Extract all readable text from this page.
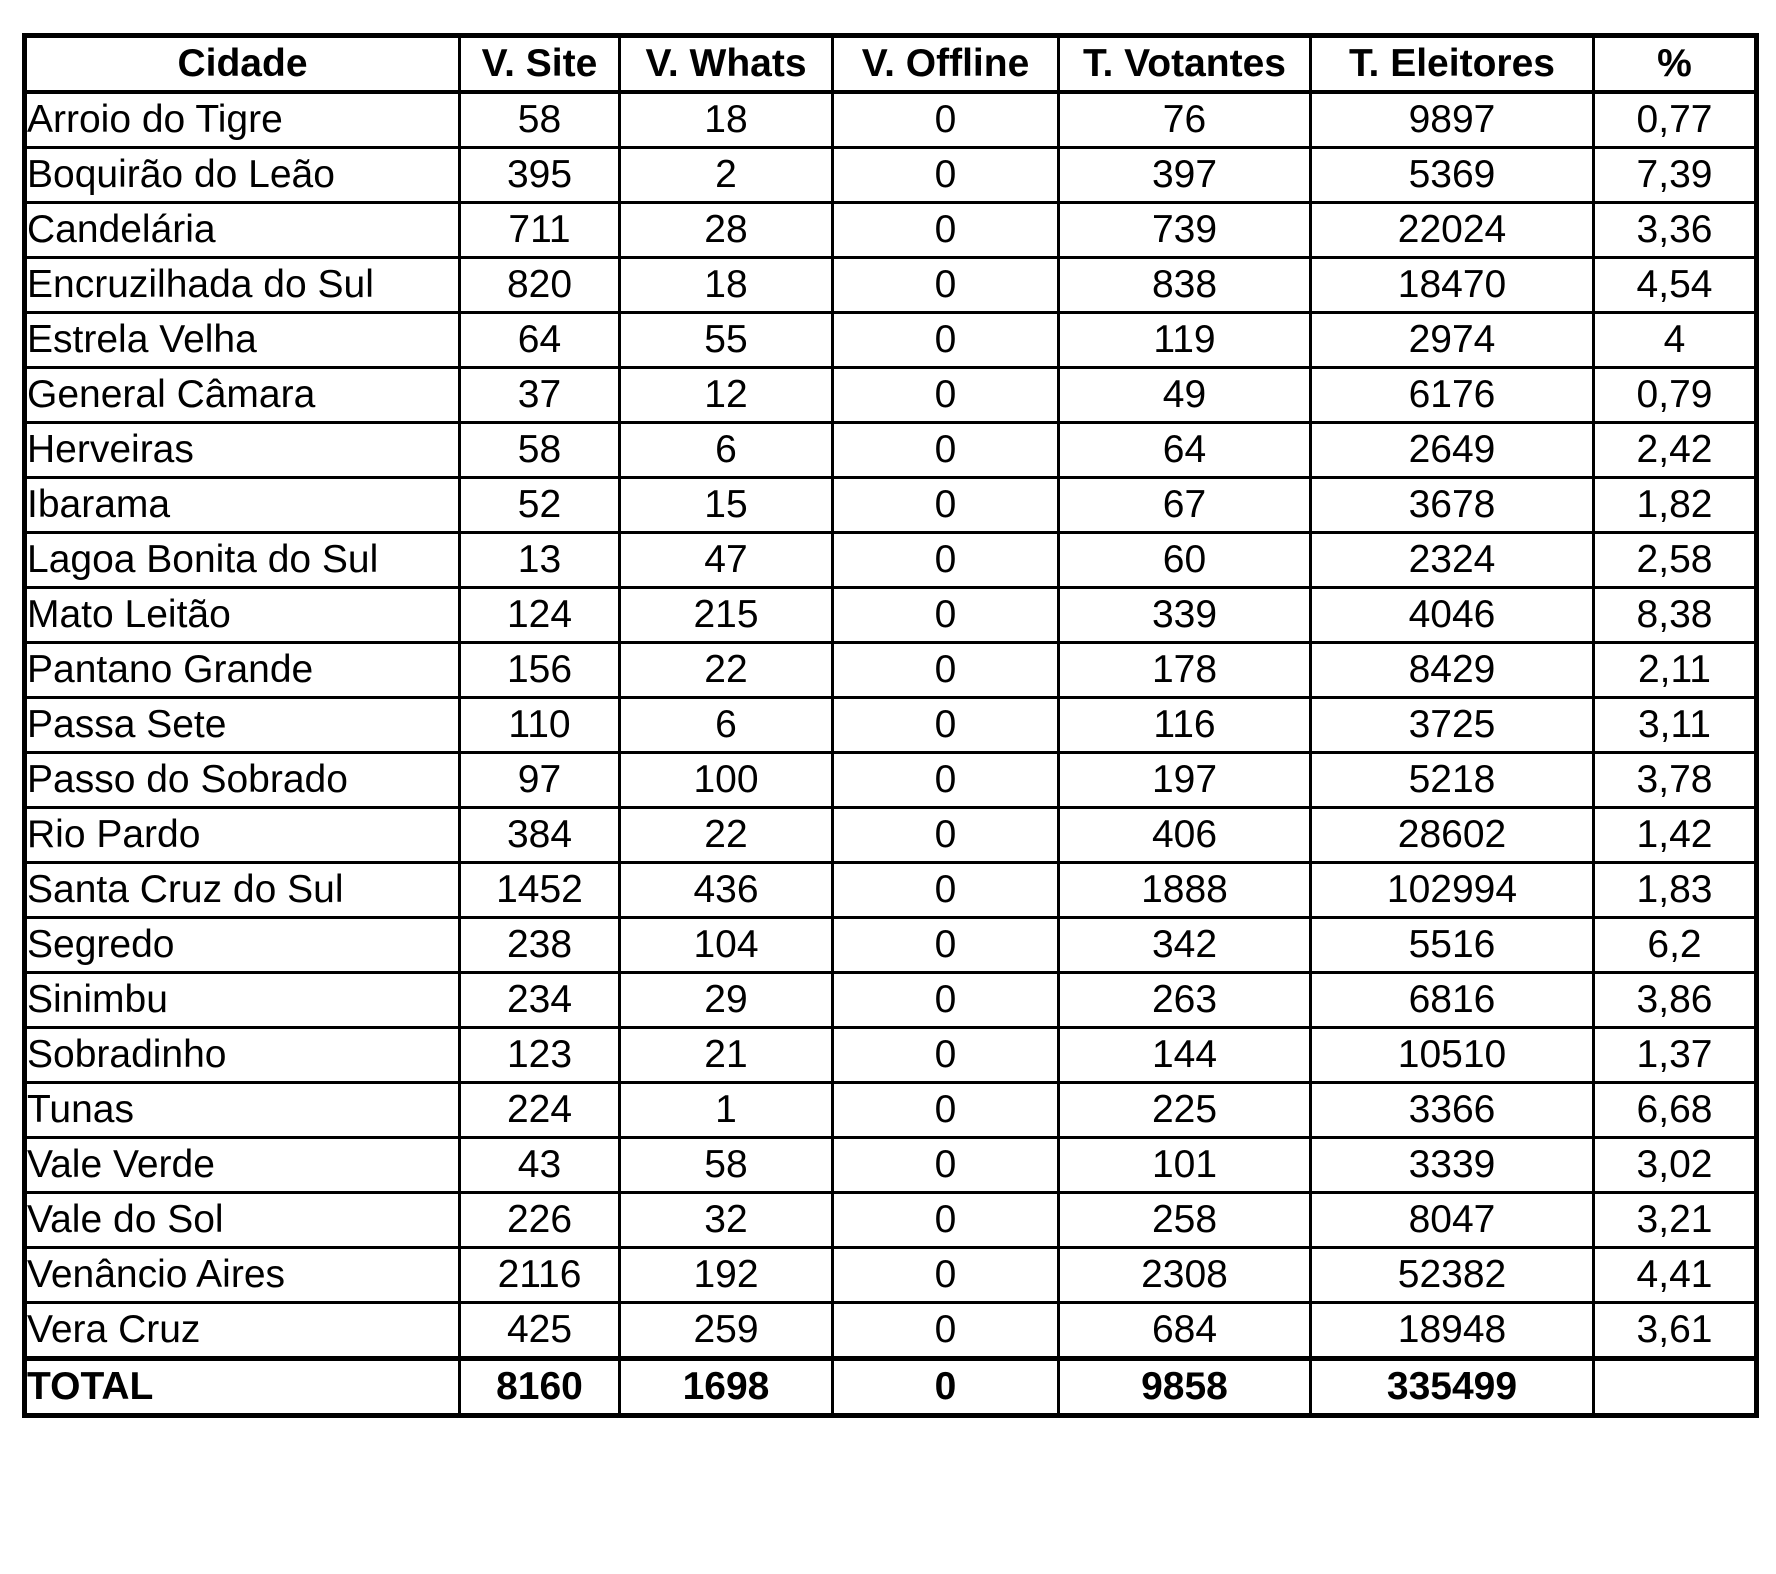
Cidade	V. Site	V. Whats	V. Offline	T. Votantes	T. Eleitores	%
Arroio do Tigre	58	18	0	76	9897	0,77
Boquirão do Leão	395	2	0	397	5369	7,39
Candelária	711	28	0	739	22024	3,36
Encruzilhada do Sul	820	18	0	838	18470	4,54
Estrela Velha	64	55	0	119	2974	4
General Câmara	37	12	0	49	6176	0,79
Herveiras	58	6	0	64	2649	2,42
Ibarama	52	15	0	67	3678	1,82
Lagoa Bonita do Sul	13	47	0	60	2324	2,58
Mato Leitão	124	215	0	339	4046	8,38
Pantano Grande	156	22	0	178	8429	2,11
Passa Sete	110	6	0	116	3725	3,11
Passo do Sobrado	97	100	0	197	5218	3,78
Rio Pardo	384	22	0	406	28602	1,42
Santa Cruz do Sul	1452	436	0	1888	102994	1,83
Segredo	238	104	0	342	5516	6,2
Sinimbu	234	29	0	263	6816	3,86
Sobradinho	123	21	0	144	10510	1,37
Tunas	224	1	0	225	3366	6,68
Vale Verde	43	58	0	101	3339	3,02
Vale do Sol	226	32	0	258	8047	3,21
Venâncio Aires	2116	192	0	2308	52382	4,41
Vera Cruz	425	259	0	684	18948	3,61
TOTAL	8160	1698	0	9858	335499	
